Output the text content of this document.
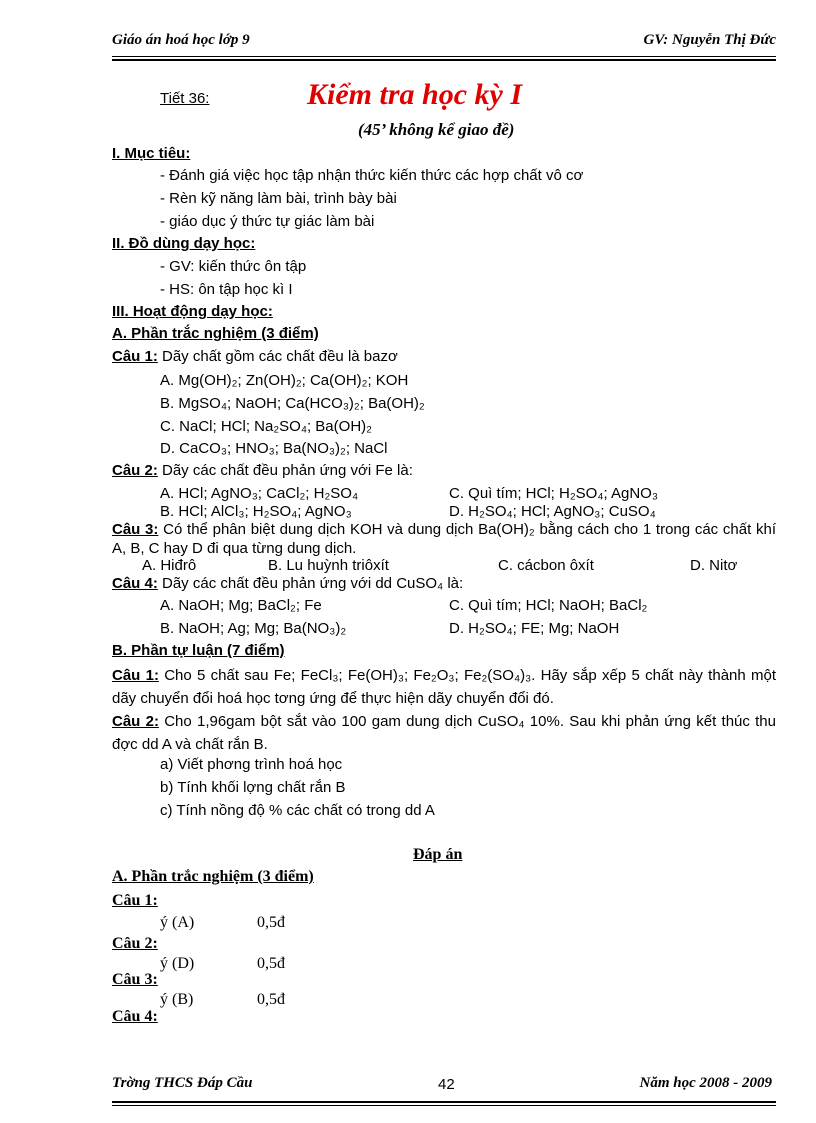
Giáo án hoá học lớp 9	GV: Nguyễn Thị Đức
Tiết 36:	Kiểm tra học kỳ I
(45’ không kể giao đề)
I. Mục tiêu:
- Đánh giá việc học tập nhận thức kiến thức các hợp chất vô cơ
- Rèn kỹ năng làm bài, trình bày bài
- giáo dục ý thức tự giác làm bài
II. Đồ dùng dạy học:
- GV: kiến thức ôn tập
- HS: ôn tập học kì I
III. Hoạt động dạy học:
A. Phần trắc nghiệm (3 điểm)
Câu 1: Dãy chất gồm các chất đều là bazơ
A. Mg(OH)₂; Zn(OH)₂; Ca(OH)₂; KOH
B. MgSO₄; NaOH; Ca(HCO₃)₂; Ba(OH)₂
C. NaCl; HCl; Na₂SO₄; Ba(OH)₂
D. CaCO₃; HNO₃; Ba(NO₃)₂; NaCl
Câu 2: Dãy các chất đều phản ứng với Fe là:
A. HCl; AgNO₃; CaCl₂; H₂SO₄	C. Quì tím; HCl; H₂SO₄; AgNO₃
B. HCl; AlCl₃; H₂SO₄; AgNO₃	D. H₂SO₄; HCl; AgNO₃; CuSO₄
Câu 3: Có thể phân biệt dung dịch KOH và dung dịch Ba(OH)₂ bằng cách cho 1 trong các chất khí A, B, C hay D đi qua từng dung dịch.
A. Hiđrô	B. Lu huỳnh triôxít	C. cácbon ôxít	D. Nitơ
Câu 4: Dãy các chất đều phản ứng với dd CuSO₄ là:
A. NaOH; Mg; BaCl₂; Fe	C. Quì tím; HCl; NaOH; BaCl₂
B. NaOH; Ag; Mg; Ba(NO₃)₂	D. H₂SO₄; FE; Mg; NaOH
B. Phần tự luận (7 điểm)
Câu 1: Cho 5 chất sau Fe; FeCl₃; Fe(OH)₃; Fe₂O₃; Fe₂(SO₄)₃. Hãy sắp xếp 5 chất này thành một dãy chuyển đổi hoá học tơng ứng để thực hiện dãy chuyển đổi đó.
Câu 2: Cho 1,96gam bột sắt vào 100 gam dung dịch CuSO₄ 10%. Sau khi phản ứng kết thúc thu đợc dd A và chất rắn B.
a) Viết phơng trình hoá học
b) Tính khối lợng chất rắn B
c) Tính nồng độ % các chất có trong dd A
Đáp án
A. Phần trắc nghiệm (3 điểm)
Câu 1:
ý (A)	0,5đ
Câu 2:
ý (D)	0,5đ
Câu 3:
ý (B)	0,5đ
Câu 4:
Trờng THCS Đáp Cầu	42	Năm học 2008 - 2009
